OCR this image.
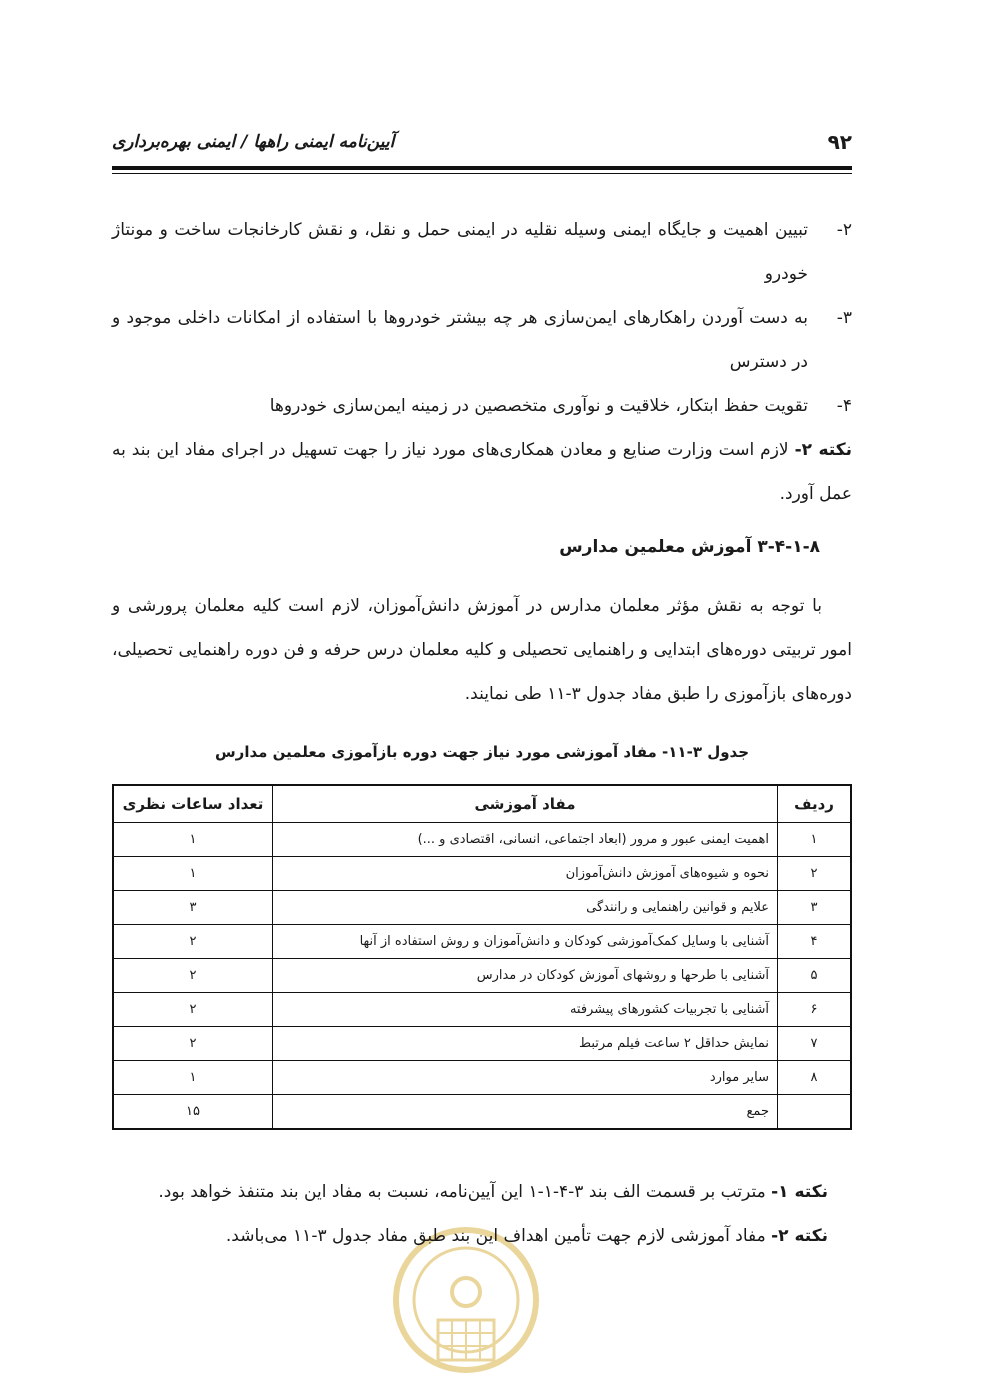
۹۲
آیین‌نامه ایمنی راهها / ایمنی بهره‌برداری
۲-
تبیین اهمیت و جایگاه ایمنی وسیله نقلیه در ایمنی حمل و نقل، و نقش کارخانجات ساخت و مونتاژ خودرو
۳-
به دست آوردن راهکارهای ایمن‌سازی هر چه بیشتر خودروها با استفاده از امکانات داخلی موجود و در دسترس
۴-
تقویت حفظ ابتکار، خلاقیت و نوآوری متخصصین در زمینه ایمن‌سازی خودروها
نکته ۲- لازم است وزارت صنایع و معادن همکاری‌های مورد نیاز را جهت تسهیل در اجرای مفاد این بند به عمل آورد.
۳-۴-۱-۸ آموزش معلمین مدارس
با توجه به نقش مؤثر معلمان مدارس در آموزش دانش‌آموزان، لازم است کلیه معلمان پرورشی و امور تربیتی دوره‌های ابتدایی و راهنمایی تحصیلی و کلیه معلمان درس حرفه و فن دوره راهنمایی تحصیلی، دوره‌های بازآموزی را طبق مفاد جدول ۳-۱۱ طی نمایند.
جدول ۳-۱۱- مفاد آموزشی مورد نیاز جهت دوره بازآموزی معلمین مدارس
ردیف	مفاد آموزشی	تعداد ساعات نظری
۱	اهمیت ایمنی عبور و مرور (ابعاد اجتماعی، انسانی، اقتصادی و ...)	۱
۲	نحوه و شیوه‌های آموزش دانش‌آموزان	۱
۳	علایم و قوانین راهنمایی و رانندگی	۳
۴	آشنایی با وسایل کمک‌آموزشی کودکان و دانش‌آموزان و روش استفاده از آنها	۲
۵	آشنایی با طرحها و روشهای آموزش کودکان در مدارس	۲
۶	آشنایی با تجربیات کشورهای پیشرفته	۲
۷	نمایش حداقل ۲ ساعت فیلم مرتبط	۲
۸	سایر موارد	۱
	جمع	۱۵
نکته ۱- مترتب بر قسمت الف بند ۳-۴-۱-۱ این آیین‌نامه، نسبت به مفاد این بند متنفذ خواهد بود.
نکته ۲- مفاد آموزشی لازم جهت تأمین اهداف این بند طبق مفاد جدول ۳-۱۱ می‌باشد.
